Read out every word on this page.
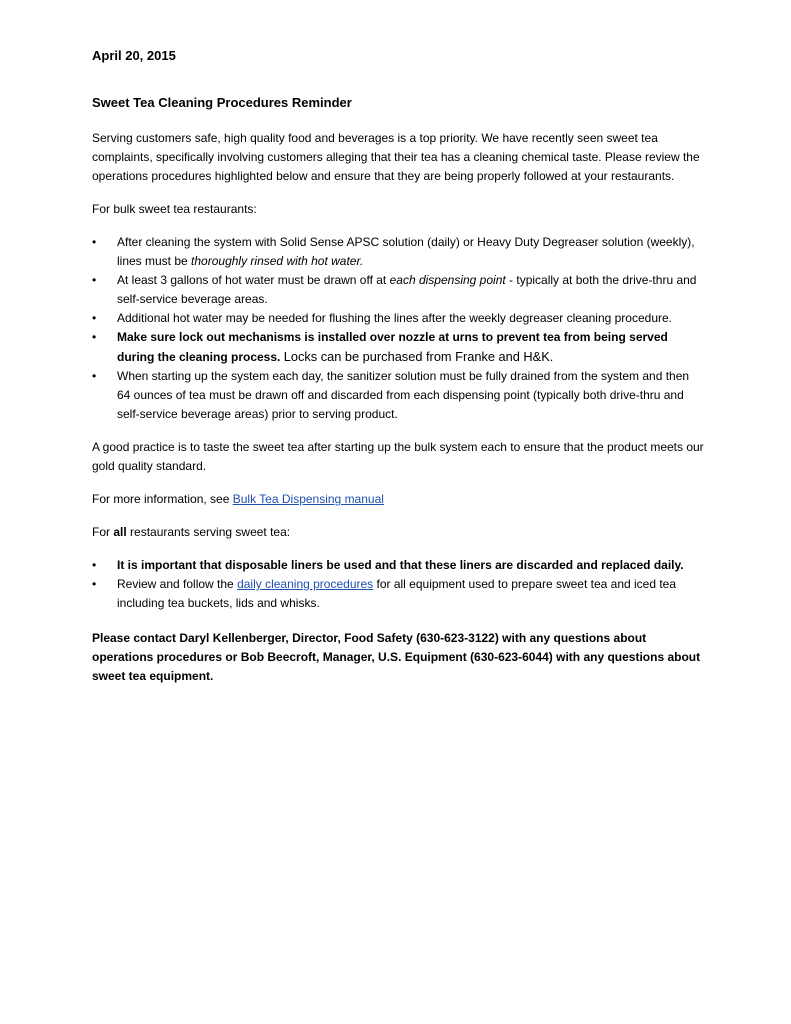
April 20, 2015

Sweet Tea Cleaning Procedures Reminder

Serving customers safe, high quality food and beverages is a top priority. We have recently seen sweet tea complaints, specifically involving customers alleging that their tea has a cleaning chemical taste. Please review the operations procedures highlighted below and ensure that they are being properly followed at your restaurants.

For bulk sweet tea restaurants:

• After cleaning the system with Solid Sense APSC solution (daily) or Heavy Duty Degreaser solution (weekly), lines must be thoroughly rinsed with hot water.
• At least 3 gallons of hot water must be drawn off at each dispensing point - typically at both the drive-thru and self-service beverage areas.
• Additional hot water may be needed for flushing the lines after the weekly degreaser cleaning procedure.
• Make sure lock out mechanisms is installed over nozzle at urns to prevent tea from being served during the cleaning process. Locks can be purchased from Franke and H&K.
• When starting up the system each day, the sanitizer solution must be fully drained from the system and then 64 ounces of tea must be drawn off and discarded from each dispensing point (typically both drive-thru and self-service beverage areas) prior to serving product.

A good practice is to taste the sweet tea after starting up the bulk system each to ensure that the product meets our gold quality standard.

For more information, see Bulk Tea Dispensing manual

For all restaurants serving sweet tea:

• It is important that disposable liners be used and that these liners are discarded and replaced daily.
• Review and follow the daily cleaning procedures for all equipment used to prepare sweet tea and iced tea including tea buckets, lids and whisks.

Please contact Daryl Kellenberger, Director, Food Safety (630-623-3122) with any questions about operations procedures or Bob Beecroft, Manager, U.S. Equipment (630-623-6044) with any questions about sweet tea equipment.
